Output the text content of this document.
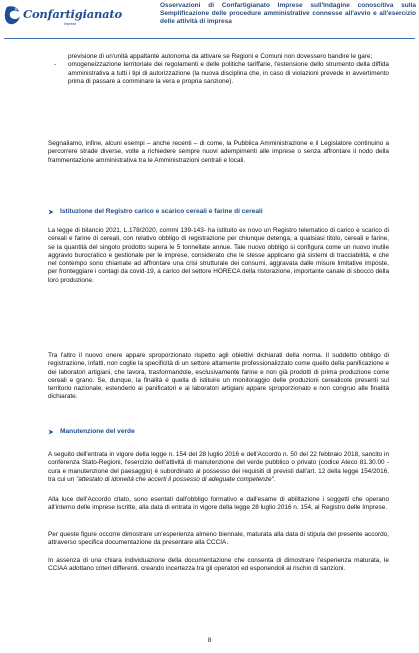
Confartigianato
Imprese
Osservazioni di Confartigianato Imprese sull'Indagine conoscitiva sulla Semplificazione delle procedure amministrative connesse all'avvio e all'esercizio delle attività di impresa
previsione di un'unità appaltante autonoma da attivare se Regioni e Comuni non dovessero bandire le gare;
- omogeneizzazione territoriale dei regolamenti e delle politiche tariffarie, l'estensione dello strumento della diffida amministrativa a tutti i tipi di autorizzazione (la nuova disciplina che, in caso di violazioni prevede in avvertimento prima di passare a comminare la vera e propria sanzione).
Segnaliamo, infine, alcuni esempi – anche recenti – di come, la Pubblica Amministrazione e il Legislatore continuino a percorrere strade diverse, volte a richiedere sempre nuovi adempimenti alle imprese o senza affrontare il nodo della frammentazione amministrativa tra le Amministrazioni centrali e locali.
Istituzione del Registro carico e scarico cereali e farine di cereali
La legge di bilancio 2021, L.178/2020, commi 139-143- ha istituito ex novo un Registro telematico di carico e scarico di cereali e farine di cereali, con relativo obbligo di registrazione per chiunque detenga, a qualsiasi titolo, cereali e farine, se la quantità del singolo prodotto supera le 5 tonnellate annue. Tale nuovo obbligo si configura come un nuovo inutile aggravio burocratico e gestionale per le imprese, considerato che le stesse applicano già sistemi di tracciabilità, e che nel contempo sono chiamate ad affrontare una crisi strutturale dei consumi, aggravata dalle misure limitative imposte, per fronteggiare i contagi da covid-19, a carico del settore HORECA della ristorazione, importante canale di sbocco della loro produzione.
Tra l'altro il nuovo onere appare sproporzionato rispetto agli obiettivi dichiarati della norma. Il suddetto obbligo di registrazione, infatti, non coglie la specificità di un settore altamente professionalizzato come quello della panificazione e dei laboratori artigiani, che lavora, trasformandole, esclusivamente farine e non già prodotti di prima produzione come cereali e grano. Se, dunque, la finalità è quella di istituire un monitoraggio delle produzioni cerealicole presenti sul territorio nazionale, estenderlo ai panificatori e ai laboratori artigiani appare sproporzionato e non congruo alle finalità dichiarate.
Manutenzione del verde
A seguito dell'entrata in vigore della legge n. 154 del 28 luglio 2016 e dell'Accordo n. 50 del 22 febbraio 2018, sancito in conferenza Stato-Regioni, l'esercizio dell'attività di manutenzione del verde pubblico o privato (codice Ateco 81.30.00 - cura e manutenzione del paesaggio) è subordinato al possesso dei requisiti di previsti dall'art. 12 della legge 154/2016, tra cui un "attestato di idoneità che accerti il possesso di adeguate competenze".
Alla luce dell'Accordo citato, sono esentati dall'obbligo formativo e dall'esame di abilitazione i soggetti che operano all'interno delle imprese iscritte, alla data di entrata in vigore della legge 28 luglio 2016 n. 154, al Registro delle Imprese.
Per queste figure occorre dimostrare un'esperienza almeno biennale, maturata alla data di stipula del presente accordo, attraverso specifica documentazione da presentare alla CCCIA.
In assenza di una chiara individuazione della documentazione che consenta di dimostrare l'esperienza maturata, le CCIAA adottano criteri differenti. creando incertezza tra gli operatori ed esponendoli al rischio di sanzioni.
8
